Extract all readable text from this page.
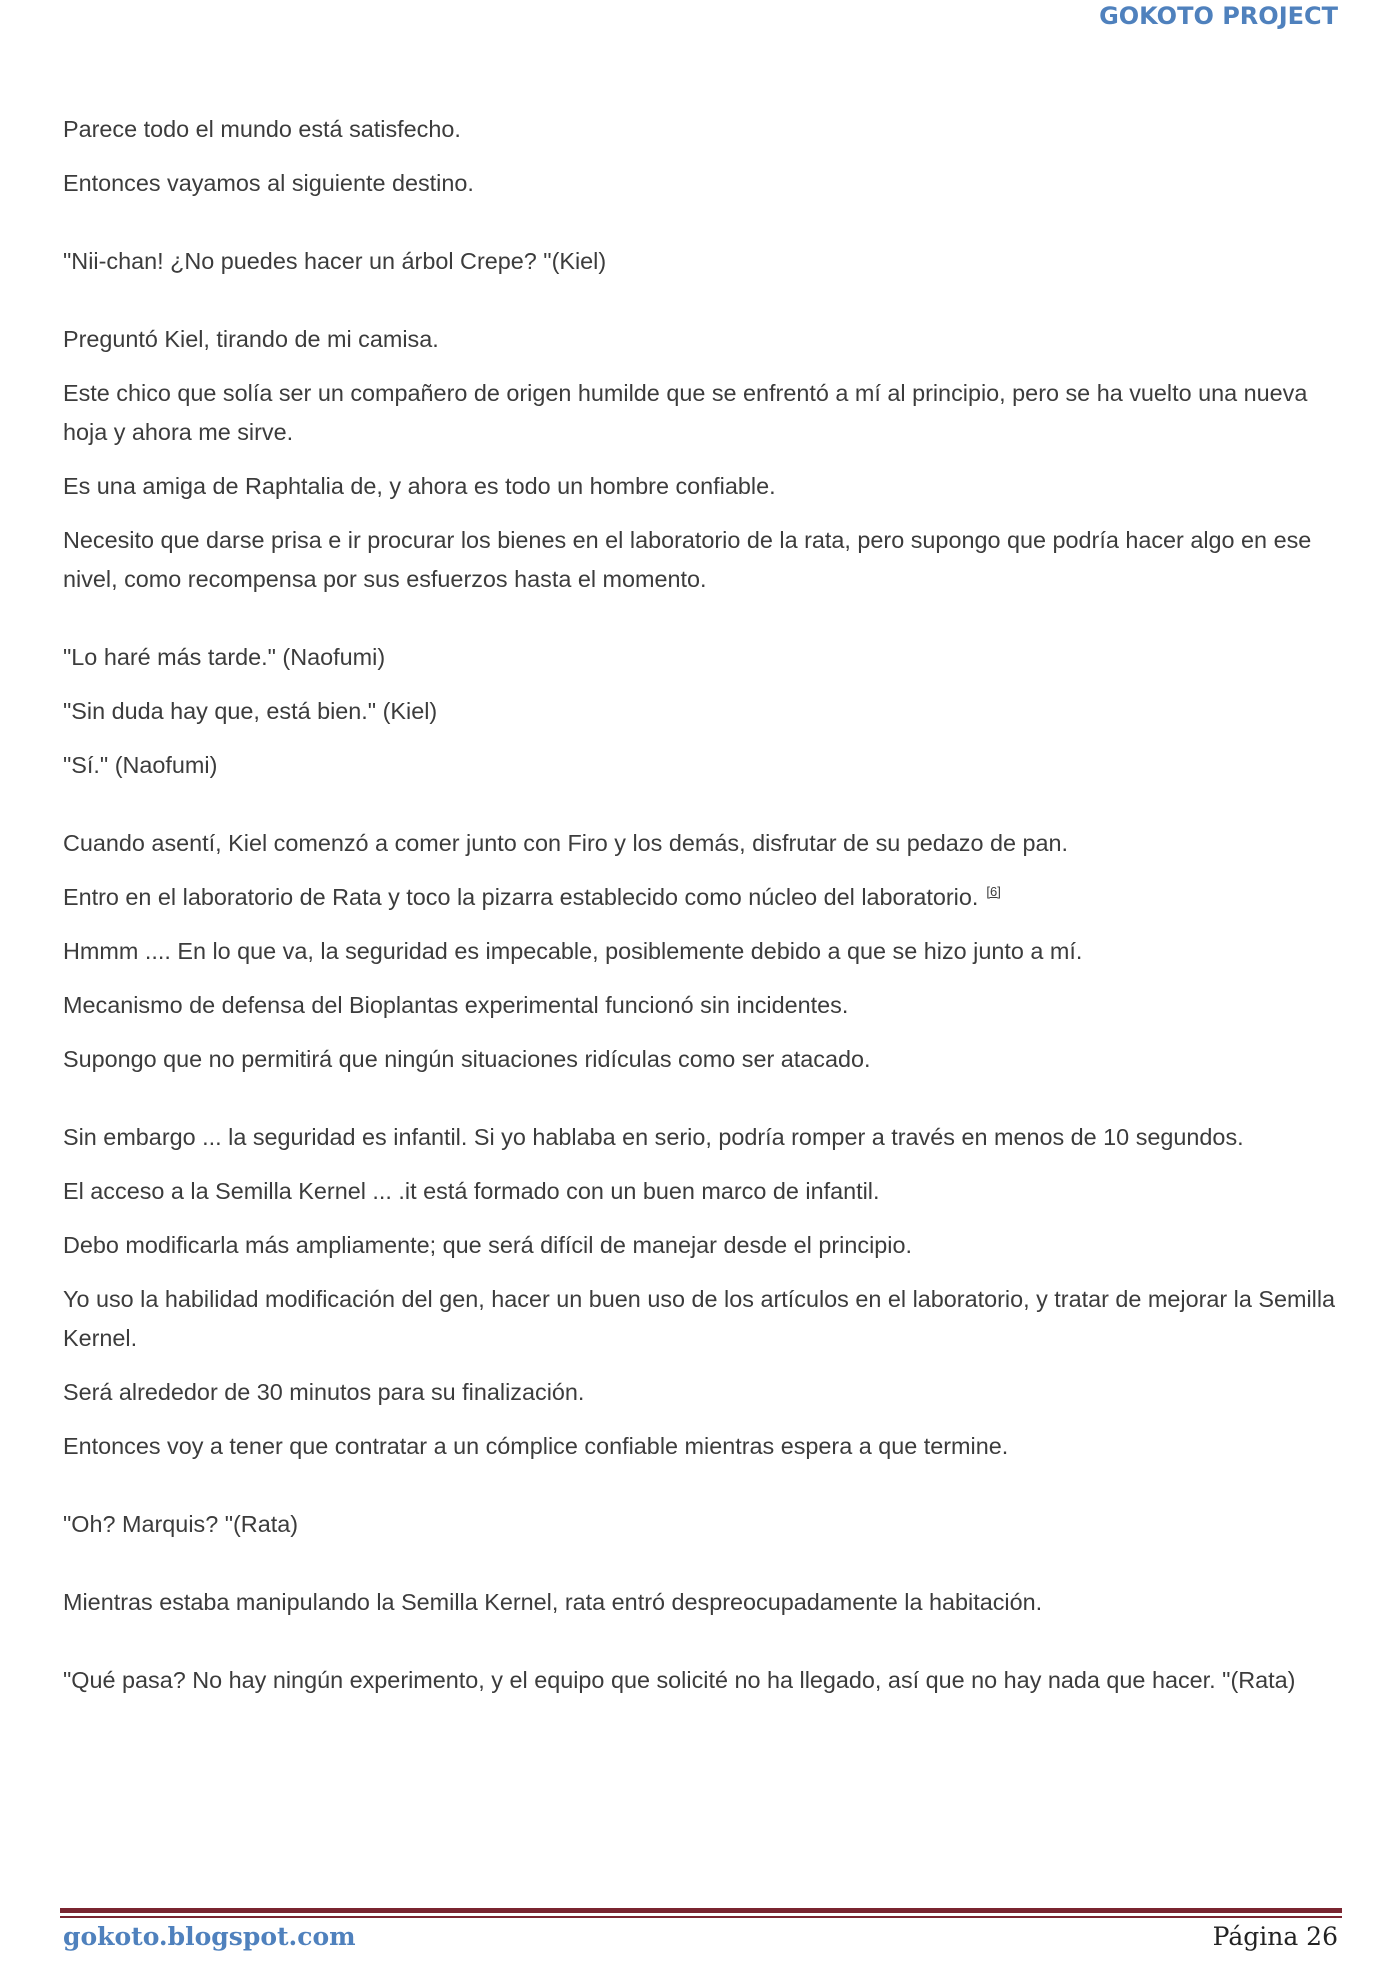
GOKOTO PROJECT

Parece todo el mundo está satisfecho.

Entonces vayamos al siguiente destino.

"Nii-chan! ¿No puedes hacer un árbol Crepe? "(Kiel)

Preguntó Kiel, tirando de mi camisa.

Este chico que solía ser un compañero de origen humilde que se enfrentó a mí al principio, pero se ha vuelto una nueva hoja y ahora me sirve.

Es una amiga de Raphtalia de, y ahora es todo un hombre confiable.

Necesito que darse prisa e ir procurar los bienes en el laboratorio de la rata, pero supongo que podría hacer algo en ese nivel, como recompensa por sus esfuerzos hasta el momento.

"Lo haré más tarde." (Naofumi)

"Sin duda hay que, está bien." (Kiel)

"Sí." (Naofumi)

Cuando asentí, Kiel comenzó a comer junto con Firo y los demás, disfrutar de su pedazo de pan.

Entro en el laboratorio de Rata y toco la pizarra establecido como núcleo del laboratorio. [6]

Hmmm .... En lo que va, la seguridad es impecable, posiblemente debido a que se hizo junto a mí.

Mecanismo de defensa del Bioplantas experimental funcionó sin incidentes.

Supongo que no permitirá que ningún situaciones ridículas como ser atacado.

Sin embargo ... la seguridad es infantil. Si yo hablaba en serio, podría romper a través en menos de 10 segundos.

El acceso a la Semilla Kernel ... .it está formado con un buen marco de infantil.

Debo modificarla más ampliamente; que será difícil de manejar desde el principio.

Yo uso la habilidad modificación del gen, hacer un buen uso de los artículos en el laboratorio, y tratar de mejorar la Semilla Kernel.

Será alrededor de 30 minutos para su finalización.

Entonces voy a tener que contratar a un cómplice confiable mientras espera a que termine.

"Oh? Marquis? "(Rata)

Mientras estaba manipulando la Semilla Kernel, rata entró despreocupadamente la habitación.

"Qué pasa? No hay ningún experimento, y el equipo que solicité no ha llegado, así que no hay nada que hacer. "(Rata)

gokoto.blogspot.com	Página 26
